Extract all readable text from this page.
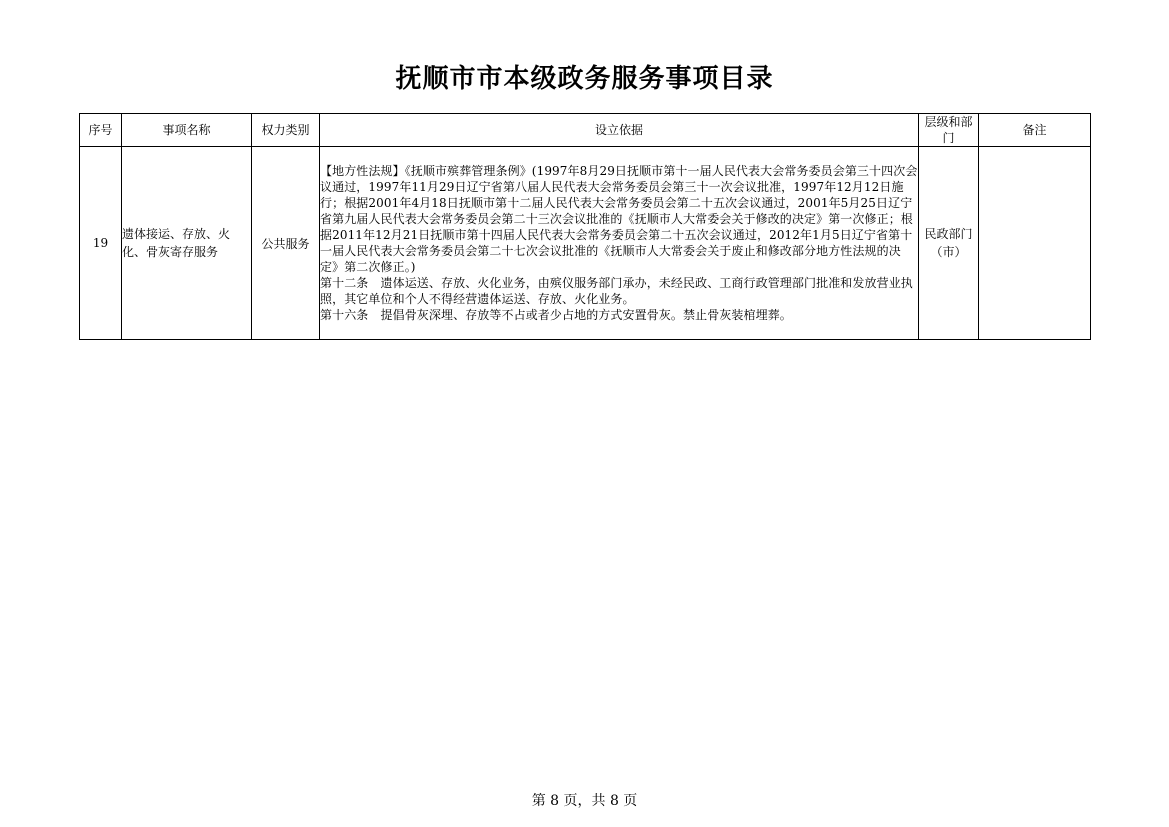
抚顺市市本级政务服务事项目录
序号	事项名称	权力类别	设立依据	层级和部门	备注
19	遗体接运、存放、火化、骨灰寄存服务	公共服务	【地方性法规】《抚顺市殡葬管理条例》(1997年8月29日抚顺市第十一届人民代表大会常务委员会第三十四次会议通过，1997年11月29日辽宁省第八届人民代表大会常务委员会第三十一次会议批准，1997年12月12日施行；根据2001年4月18日抚顺市第十二届人民代表大会常务委员会第二十五次会议通过，2001年5月25日辽宁省第九届人民代表大会常务委员会第二十三次会议批准的《抚顺市人大常委会关于修改的决定》第一次修正；根据2011年12月21日抚顺市第十四届人民代表大会常务委员会第二十五次会议通过，2012年1月5日辽宁省第十一届人民代表大会常务委员会第二十七次会议批准的《抚顺市人大常委会关于废止和修改部分地方性法规的决定》第二次修正。)

第十二条　遗体运送、存放、火化业务，由殡仪服务部门承办，未经民政、工商行政管理部门批准和发放营业执照，其它单位和个人不得经营遗体运送、存放、火化业务。

第十六条　提倡骨灰深埋、存放等不占或者少占地的方式安置骨灰。禁止骨灰装棺埋葬。	民政部门（市）	
第 8 页，共 8 页
